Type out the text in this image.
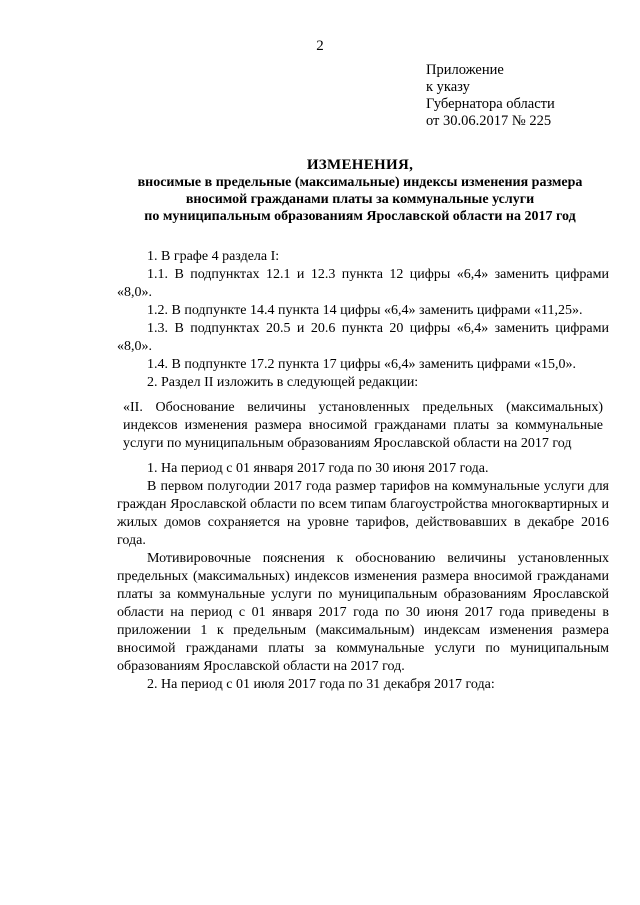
2
Приложение
к указу
Губернатора области
от 30.06.2017 № 225
ИЗМЕНЕНИЯ,
вносимые в предельные (максимальные) индексы изменения размера
вносимой гражданами платы за коммунальные услуги
по муниципальным образованиям Ярославской области на 2017 год

1. В графе 4 раздела I:

1.1. В подпунктах 12.1 и 12.3 пункта 12 цифры «6,4» заменить цифрами «8,0».

1.2. В подпункте 14.4 пункта 14 цифры «6,4» заменить цифрами «11,25».

1.3. В подпунктах 20.5 и 20.6 пункта 20 цифры «6,4» заменить цифрами «8,0».

1.4. В подпункте 17.2 пункта 17 цифры «6,4» заменить цифрами «15,0».

2. Раздел II изложить в следующей редакции:

«II. Обоснование величины установленных предельных (максимальных) индексов изменения размера вносимой гражданами платы за коммунальные услуги по муниципальным образованиям Ярославской области на 2017 год

1. На период с 01 января 2017 года по 30 июня 2017 года.

В первом полугодии 2017 года размер тарифов на коммунальные услуги для граждан Ярославской области по всем типам благоустройства многоквартирных и жилых домов сохраняется на уровне тарифов, действовавших в декабре 2016 года.

Мотивировочные пояснения к обоснованию величины установленных предельных (максимальных) индексов изменения размера вносимой гражданами платы за коммунальные услуги по муниципальным образованиям Ярославской области на период с 01 января 2017 года по 30 июня 2017 года приведены в приложении 1 к предельным (максимальным) индексам изменения размера вносимой гражданами платы за коммунальные услуги по муниципальным образованиям Ярославской области на 2017 год.

2. На период с 01 июля 2017 года по 31 декабря 2017 года:
